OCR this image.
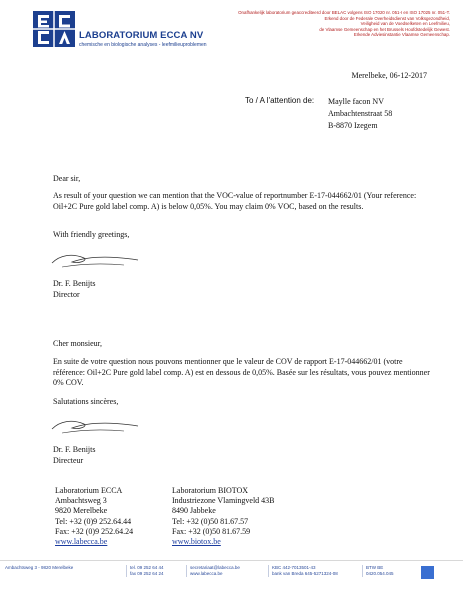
LABORATORIUM ECCA NV
chemische en biologische analyses - leefmilieuproblemen
Onafhankelijk laboratorium geaccrediteerd door BELAC volgens ISO 17020 nr. 051-I en ISO 17025 nr. 051-T.
Erkend door de Federale Overheidsdienst van Volksgezondheid,
Veiligheid van de Voedselketen en Leefmilieu,
de Vlaamse Gemeenschap en het Brussels Hoofdstedelijk Gewest.
Erkende Adviesinstantie Vlaamse Gemeenschap.
Merelbeke, 06-12-2017
To / A l'attention de: Maylle facon NV
Ambachtenstraat 58
B-8870 Izegem
Dear sir,
As result of your question we can mention that the VOC-value of reportnumber E-17-044662/01 (Your reference: Oil+2C Pure gold label comp. A) is below 0,05%. You may claim 0% VOC, based on the results.
With friendly greetings,
Dr. F. Benijts
Director
Cher monsieur,
En suite de votre question nous pouvons mentionner que le valeur de COV de rapport E-17-044662/01 (votre référence: Oil+2C Pure gold label comp. A) est en dessous de 0,05%. Basée sur les résultats, vous pouvez mentionner 0% COV.
Salutations sincères,
Dr. F. Benijts
Directeur
Laboratorium ECCA
Ambachtsweg 3
9820 Merelbeke
Tel: +32 (0)9 252.64.44
Fax: +32 (0)9 252.64.24
www.labecca.be
Laboratorium BIOTOX
Industriezone Vlamingveld 43B
8490 Jabbeke
Tel: +32 (0)50 81.67.57
Fax: +32 (0)50 81.67.59
www.biotox.be
Ambachtsweg 3 - 9820 Merelbeke	tel. 09 252 64 44
fax 09 252 64 24
secretariaat@labecca.be
www.labecca.be
KBC 442-7013501-43
bank van Breda 645-5271324-08
BTW BE
0420.054.045
